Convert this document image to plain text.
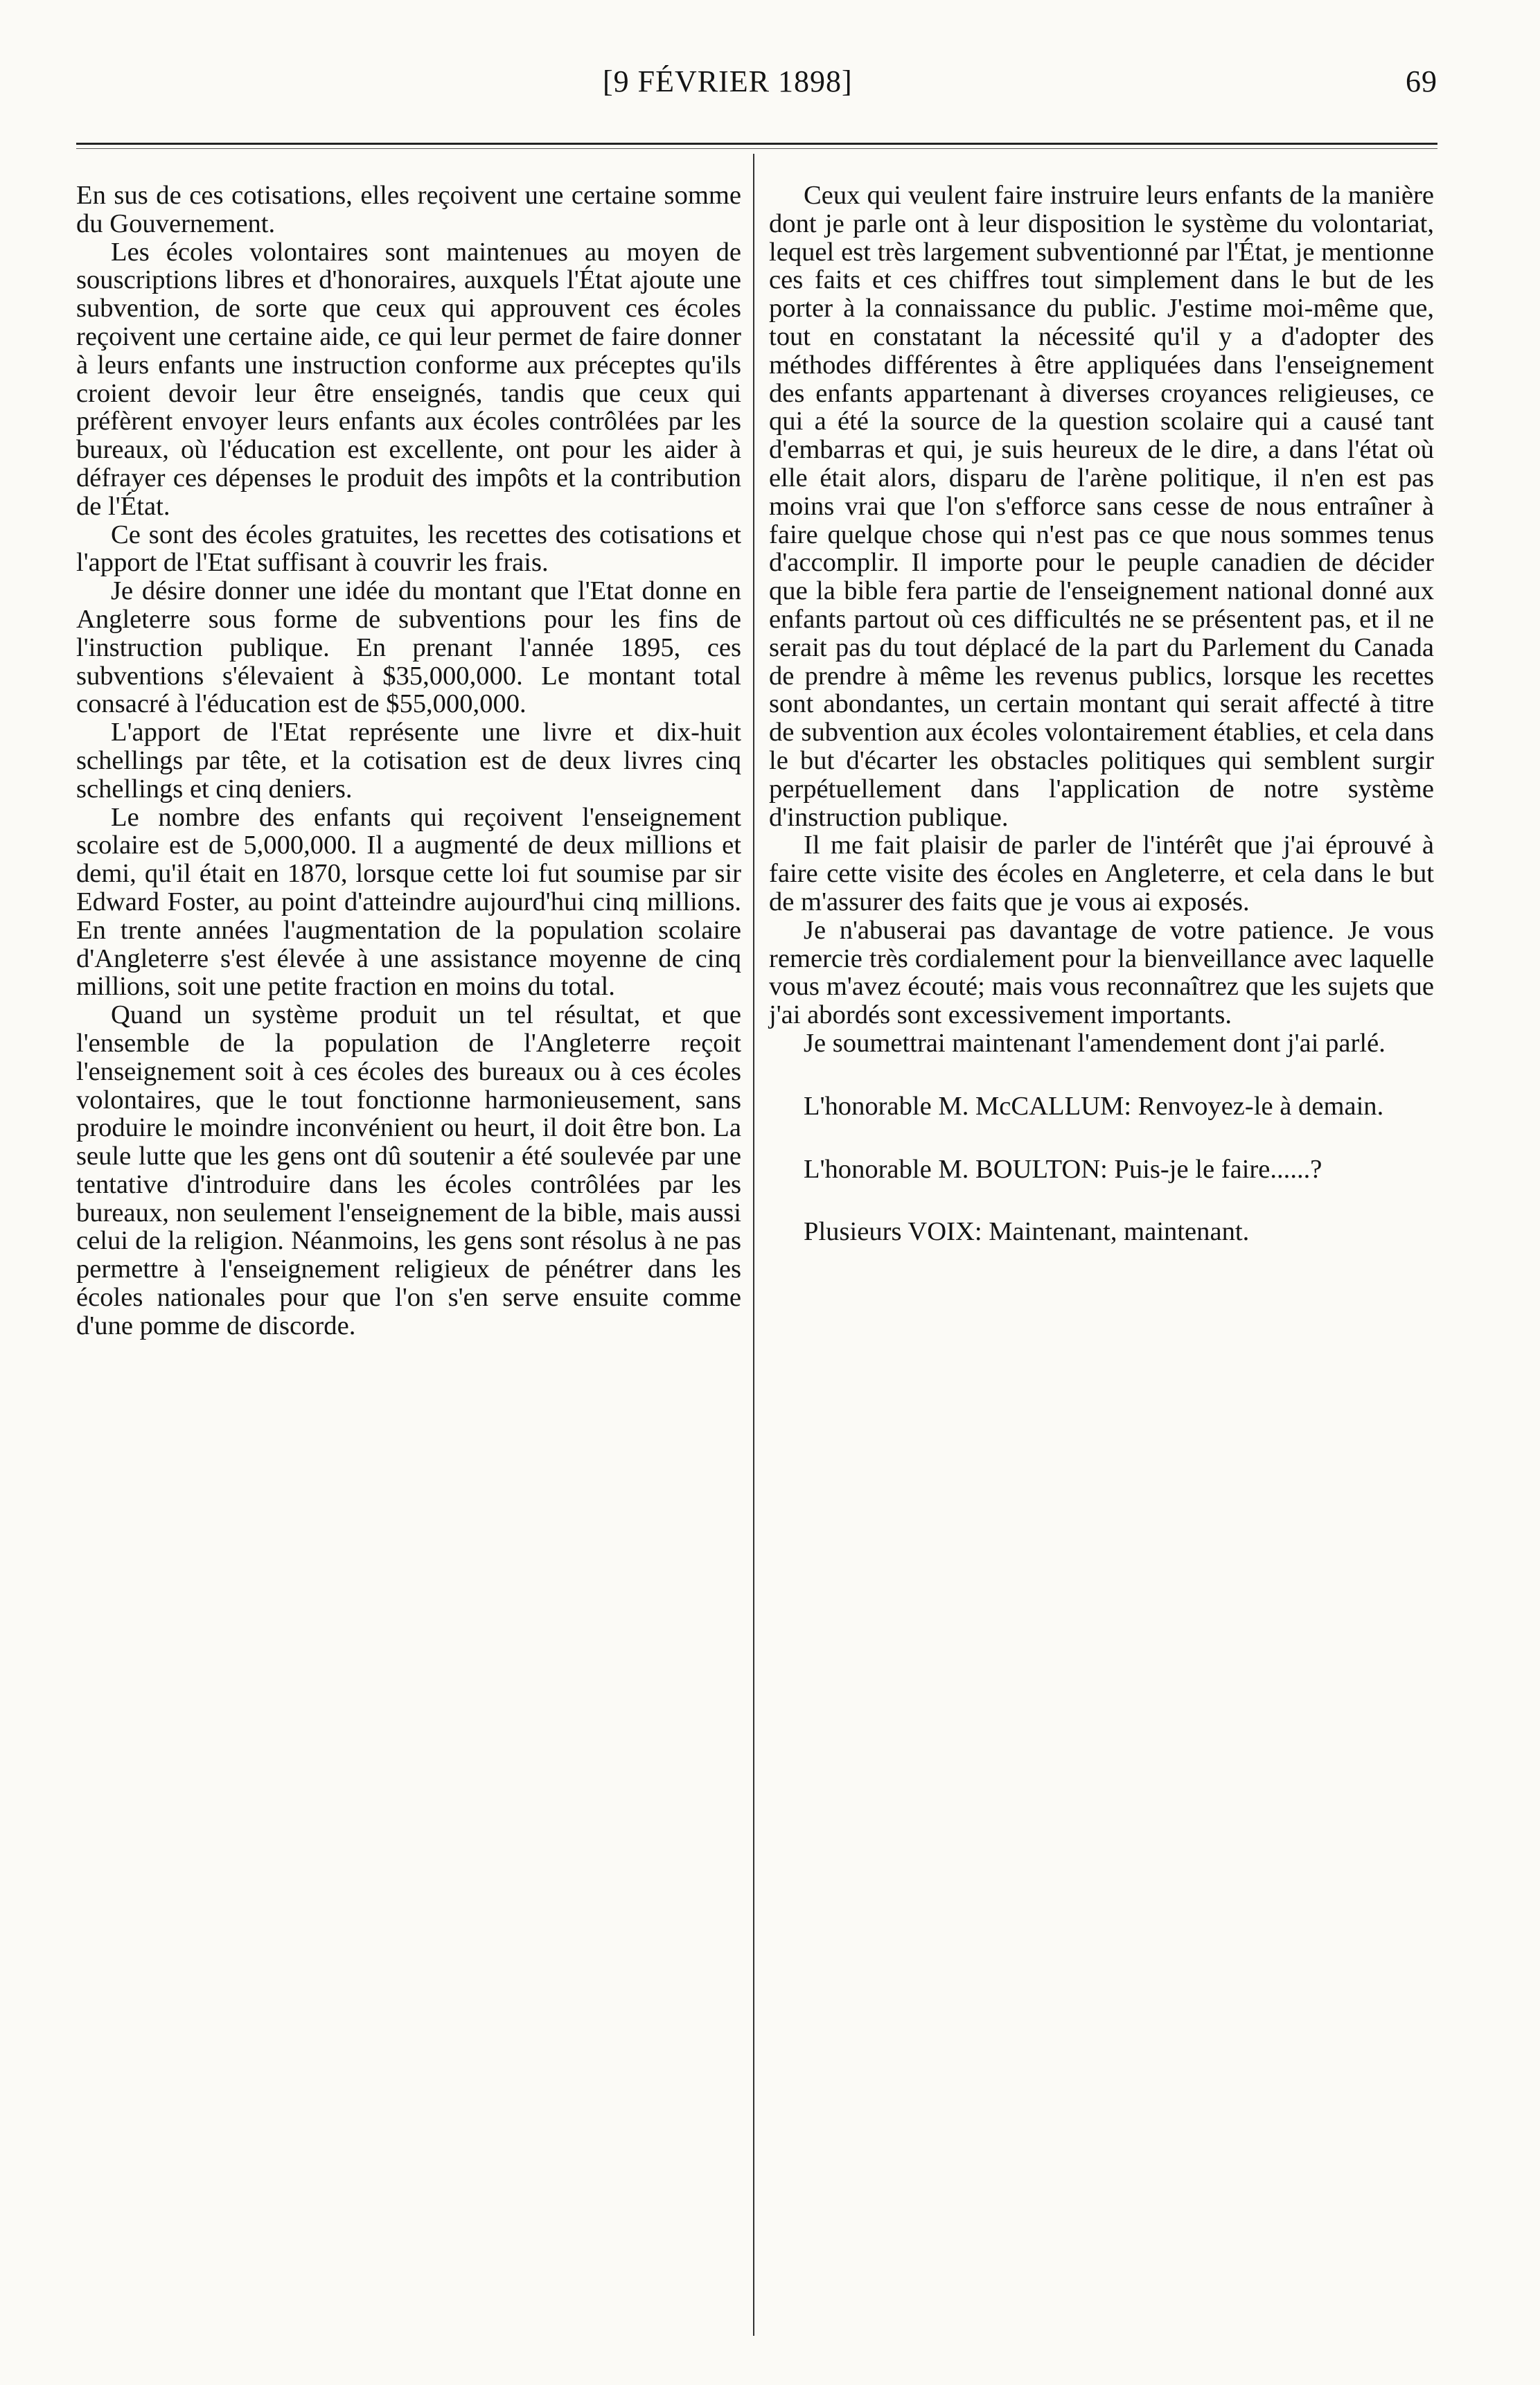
[9 FÉVRIER 1898]	69

En sus de ces cotisations, elles reçoivent une certaine somme du Gouvernement.

Les écoles volontaires sont maintenues au moyen de souscriptions libres et d'honoraires, auxquels l'État ajoute une subvention, de sorte que ceux qui approuvent ces écoles reçoivent une certaine aide, ce qui leur permet de faire donner à leurs enfants une instruction conforme aux préceptes qu'ils croient devoir leur être enseignés, tandis que ceux qui préfèrent envoyer leurs enfants aux écoles contrôlées par les bureaux, où l'éducation est excellente, ont pour les aider à défrayer ces dépenses le produit des impôts et la contribution de l'État.

Ce sont des écoles gratuites, les recettes des cotisations et l'apport de l'Etat suffisant à couvrir les frais.

Je désire donner une idée du montant que l'Etat donne en Angleterre sous forme de subventions pour les fins de l'instruction publique. En prenant l'année 1895, ces subventions s'élevaient à $35,000,000. Le montant total consacré à l'éducation est de $55,000,000.

L'apport de l'Etat représente une livre et dix-huit schellings par tête, et la cotisation est de deux livres cinq schellings et cinq deniers.

Le nombre des enfants qui reçoivent l'enseignement scolaire est de 5,000,000. Il a augmenté de deux millions et demi, qu'il était en 1870, lorsque cette loi fut soumise par sir Edward Foster, au point d'atteindre aujourd'hui cinq millions. En trente années l'augmentation de la population scolaire d'Angleterre s'est élevée à une assistance moyenne de cinq millions, soit une petite fraction en moins du total.

Quand un système produit un tel résultat, et que l'ensemble de la population de l'Angleterre reçoit l'enseignement soit à ces écoles des bureaux ou à ces écoles volontaires, que le tout fonctionne harmonieusement, sans produire le moindre inconvénient ou heurt, il doit être bon. La seule lutte que les gens ont dû soutenir a été soulevée par une tentative d'introduire dans les écoles contrôlées par les bureaux, non seulement l'enseignement de la bible, mais aussi celui de la religion. Néanmoins, les gens sont résolus à ne pas permettre à l'enseignement religieux de pénétrer dans les écoles nationales pour que l'on s'en serve ensuite comme d'une pomme de discorde.

Ceux qui veulent faire instruire leurs enfants de la manière dont je parle ont à leur disposition le système du volontariat, lequel est très largement subventionné par l'État, je mentionne ces faits et ces chiffres tout simplement dans le but de les porter à la connaissance du public. J'estime moi-même que, tout en constatant la nécessité qu'il y a d'adopter des méthodes différentes à être appliquées dans l'enseignement des enfants appartenant à diverses croyances religieuses, ce qui a été la source de la question scolaire qui a causé tant d'embarras et qui, je suis heureux de le dire, a dans l'état où elle était alors, disparu de l'arène politique, il n'en est pas moins vrai que l'on s'efforce sans cesse de nous entraîner à faire quelque chose qui n'est pas ce que nous sommes tenus d'accomplir. Il importe pour le peuple canadien de décider que la bible fera partie de l'enseignement national donné aux enfants partout où ces difficultés ne se présentent pas, et il ne serait pas du tout déplacé de la part du Parlement du Canada de prendre à même les revenus publics, lorsque les recettes sont abondantes, un certain montant qui serait affecté à titre de subvention aux écoles volontairement établies, et cela dans le but d'écarter les obstacles politiques qui semblent surgir perpétuellement dans l'application de notre système d'instruction publique.

Il me fait plaisir de parler de l'intérêt que j'ai éprouvé à faire cette visite des écoles en Angleterre, et cela dans le but de m'assurer des faits que je vous ai exposés.

Je n'abuserai pas davantage de votre patience. Je vous remercie très cordialement pour la bienveillance avec laquelle vous m'avez écouté; mais vous reconnaîtrez que les sujets que j'ai abordés sont excessivement importants.

Je soumettrai maintenant l'amendement dont j'ai parlé.

L'honorable M. McCALLUM: Renvoyez-le à demain.

L'honorable M. BOULTON: Puis-je le faire......?

Plusieurs VOIX: Maintenant, maintenant.
